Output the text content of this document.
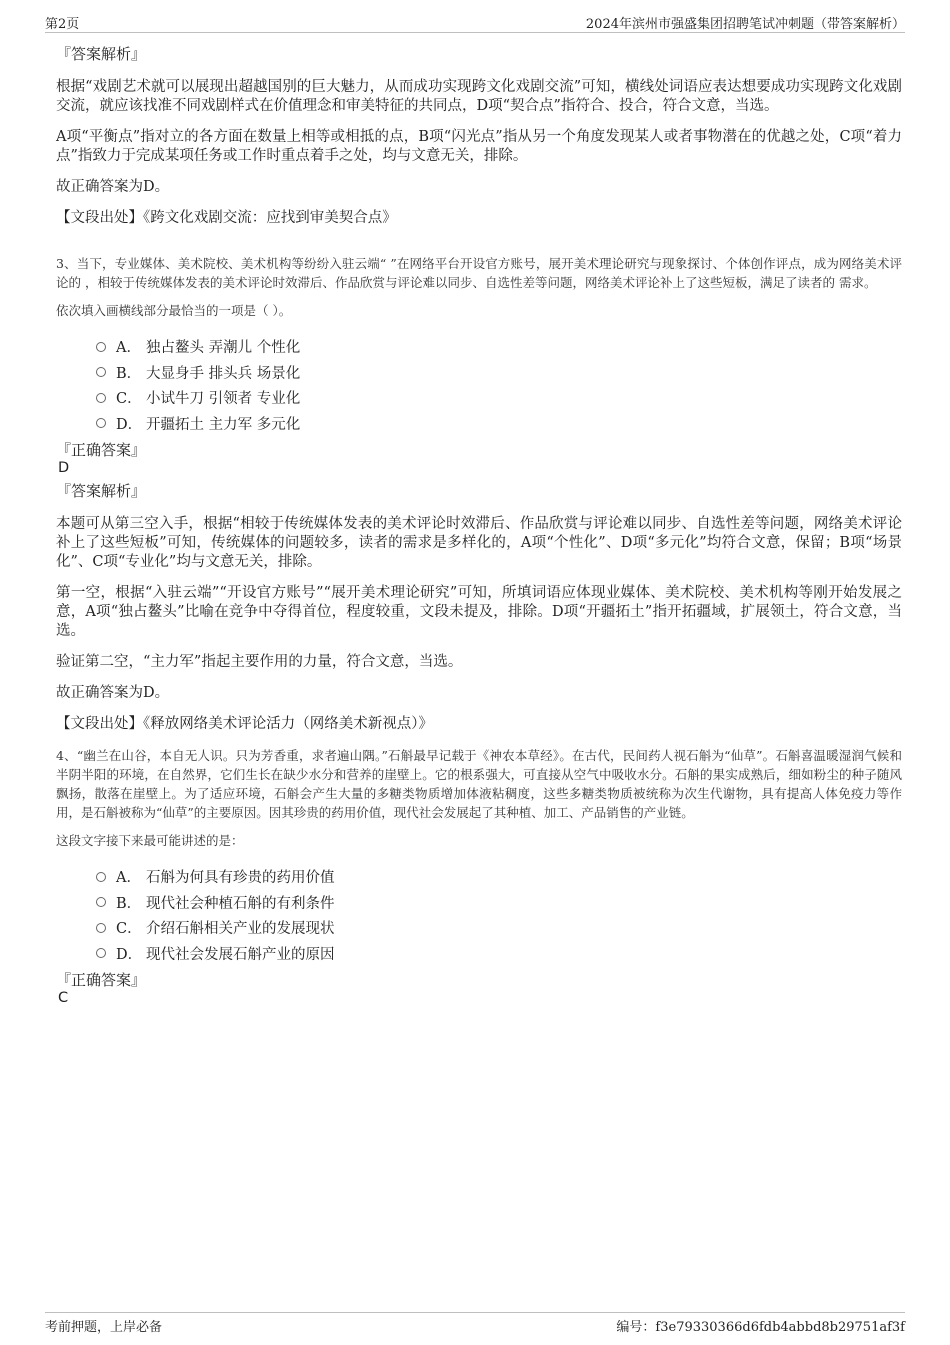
第2页	2024年滨州市强盛集团招聘笔试冲刺题（带答案解析）
『答案解析』

根据“戏剧艺术就可以展现出超越国别的巨大魅力，从而成功实现跨文化戏剧交流”可知，横线处词语应表达想要成功实现跨文化戏剧交流，就应该找准不同戏剧样式在价值理念和审美特征的共同点，D项“契合点”指符合、投合，符合文意，当选。

A项“平衡点”指对立的各方面在数量上相等或相抵的点，B项“闪光点”指从另一个角度发现某人或者事物潜在的优越之处，C项“着力点”指致力于完成某项任务或工作时重点着手之处，均与文意无关，排除。

故正确答案为D。

【文段出处】《跨文化戏剧交流：应找到审美契合点》

3、当下，专业媒体、美术院校、美术机构等纷纷入驻云端“ ”在网络平台开设官方账号，展开美术理论研究与现象探讨、个体创作评点，成为网络美术评论的 ，相较于传统媒体发表的美术评论时效滞后、作品欣赏与评论难以同步、自选性差等问题，网络美术评论补上了这些短板，满足了读者的 需求。

依次填入画横线部分最恰当的一项是（ ）。

A． 独占鳌头 弄潮儿 个性化
B． 大显身手 排头兵 场景化
C． 小试牛刀 引领者 专业化
D． 开疆拓土 主力军 多元化
『正确答案』
D
『答案解析』

本题可从第三空入手，根据“相较于传统媒体发表的美术评论时效滞后、作品欣赏与评论难以同步、自选性差等问题，网络美术评论补上了这些短板”可知，传统媒体的问题较多，读者的需求是多样化的，A项“个性化”、D项“多元化”均符合文意，保留；B项“场景化”、C项“专业化”均与文意无关，排除。

第一空，根据“入驻云端”“开设官方账号”“展开美术理论研究”可知，所填词语应体现业媒体、美术院校、美术机构等刚开始发展之意，A项“独占鳌头”比喻在竞争中夺得首位，程度较重，文段未提及，排除。D项“开疆拓土”指开拓疆域，扩展领土，符合文意，当选。

验证第二空，“主力军”指起主要作用的力量，符合文意，当选。

故正确答案为D。

【文段出处】《释放网络美术评论活力（网络美术新视点）》

4、“幽兰在山谷，本自无人识。只为芳香重，求者遍山隅。”石斛最早记载于《神农本草经》。在古代，民间药人视石斛为“仙草”。石斛喜温暖湿润气候和半阴半阳的环境，在自然界，它们生长在缺少水分和营养的崖壁上。它的根系强大，可直接从空气中吸收水分。石斛的果实成熟后，细如粉尘的种子随风飘扬，散落在崖壁上。为了适应环境，石斛会产生大量的多糖类物质增加体液粘稠度，这些多糖类物质被统称为次生代谢物，具有提高人体免疫力等作用，是石斛被称为“仙草”的主要原因。因其珍贵的药用价值，现代社会发展起了其种植、加工、产品销售的产业链。

这段文字接下来最可能讲述的是：

A． 石斛为何具有珍贵的药用价值
B． 现代社会种植石斛的有利条件
C． 介绍石斛相关产业的发展现状
D． 现代社会发展石斛产业的原因
『正确答案』
C
考前押题，上岸必备	编号：f3e79330366d6fdb4abbd8b29751af3f
